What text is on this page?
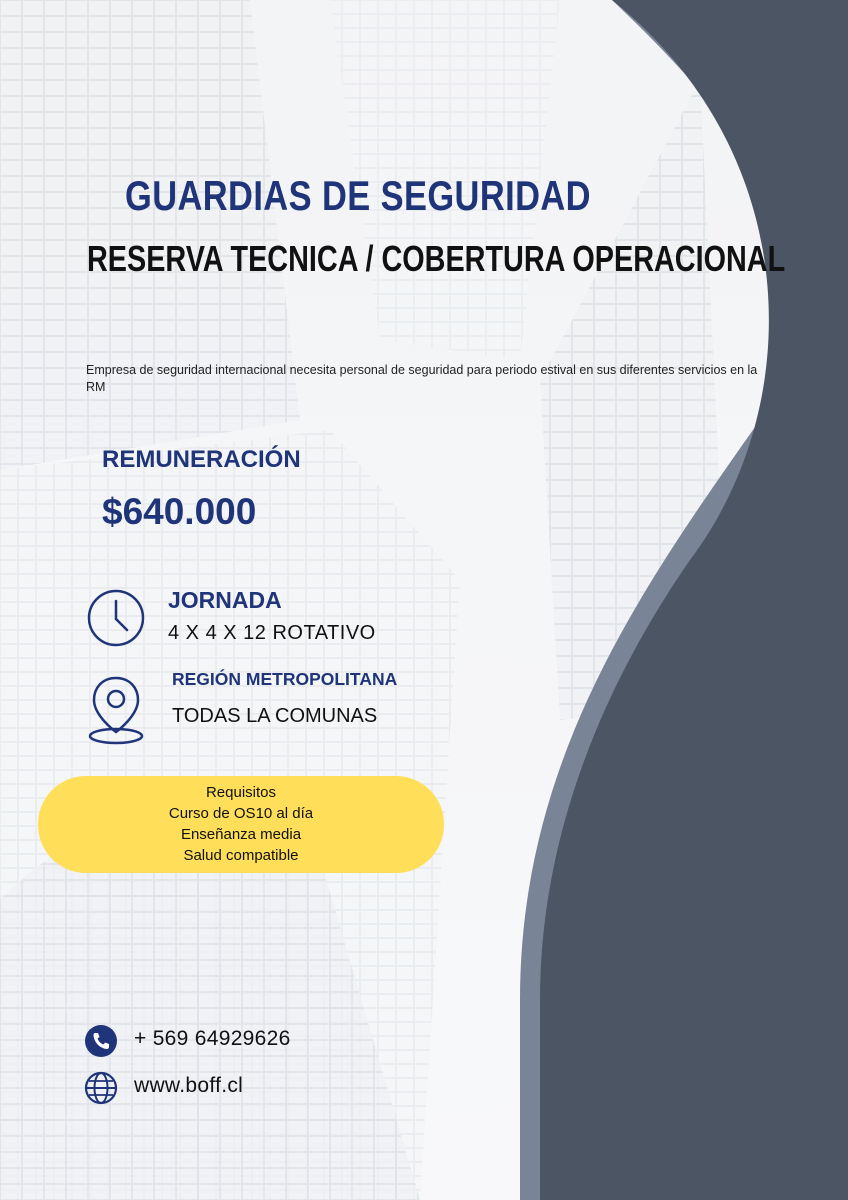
GUARDIAS DE SEGURIDAD
RESERVA TECNICA / COBERTURA OPERACIONAL

Empresa de seguridad internacional necesita personal de seguridad para periodo estival en sus diferentes servicios en la RM

REMUNERACIÓN
$640.000
JORNADA
4 X 4 X 12 ROTATIVO
REGIÓN METROPOLITANA
TODAS LA COMUNAS
Requisitos
Curso de OS10 al día
Enseñanza media
Salud compatible
+ 569 64929626
www.boff.cl
